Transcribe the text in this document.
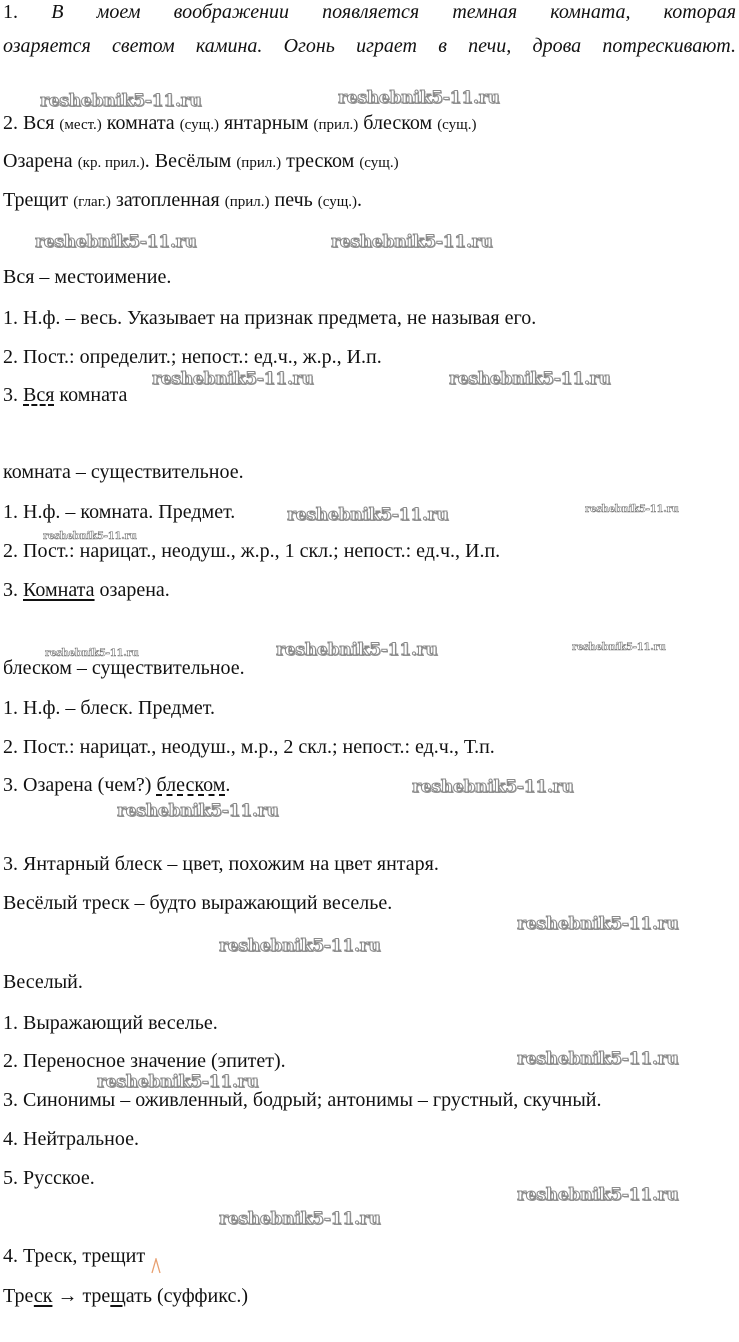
1. В моем воображении появляется темная комната, которая
озаряется светом камина. Огонь играет в печи, дрова потрескивают.
2. Вся (мест.) комната (сущ.) янтарным (прил.) блеском (сущ.)
Озарена (кр. прил.). Весёлым (прил.) треском (сущ.)
Трещит (глаг.) затопленная (прил.) печь (сущ.).
Вся – местоимение.
1. Н.ф. – весь. Указывает на признак предмета, не называя его.
2. Пост.: определит.; непост.: ед.ч., ж.р., И.п.
3. Вся комната
комната – существительное.
1. Н.ф. – комната. Предмет.
2. Пост.: нарицат., неодуш., ж.р., 1 скл.; непост.: ед.ч., И.п.
3. Комната озарена.
блеском – существительное.
1. Н.ф. – блеск. Предмет.
2. Пост.: нарицат., неодуш., м.р., 2 скл.; непост.: ед.ч., Т.п.
3. Озарена (чем?) блеском.
3. Янтарный блеск – цвет, похожим на цвет янтаря.
Весёлый треск – будто выражающий веселье.
Веселый.
1. Выражающий веселье.
2. Переносное значение (эпитет).
3. Синонимы – оживленный, бодрый; антонимы – грустный, скучный.
4. Нейтральное.
5. Русское.
4. Треск, трещит
Треск → трещать (суффикс.)
reshebnik5-11.ru	reshebnik5-11.ru
reshebnik5-11.ru	reshebnik5-11.ru
reshebnik5-11.ru	reshebnik5-11.ru
reshebnik5-11.ru	reshebnik5-11.ru
reshebnik5-11.ru
reshebnik5-11.ru	reshebnik5-11.ru	reshebnik5-11.ru
reshebnik5-11.ru
reshebnik5-11.ru
reshebnik5-11.ru
reshebnik5-11.ru
reshebnik5-11.ru
reshebnik5-11.ru
reshebnik5-11.ru
reshebnik5-11.ru
